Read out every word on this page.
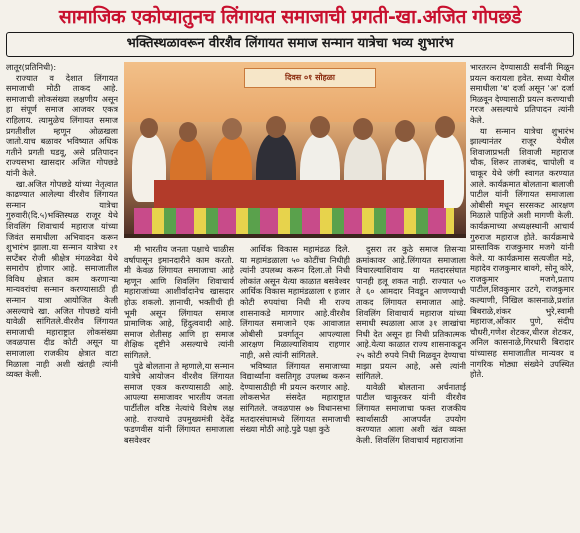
सामाजिक एकोप्यातुनच लिंगायत समाजाची प्रगती-खा.अजित गोपछडे
भक्तिस्थळावरून वीरशैव लिंगायत समाज सन्मान यात्रेचा भव्य शुभारंभ

लातूर(प्रतिनिधी):

राज्यात व देशात लिंगायत समाजाची मोठी ताकद आहे. समाजाची लोकसंख्या लक्षणीय असून हा संपूर्ण समाज आजवर एकत्र राहिलाय. त्यामुळेच लिंगायत समाज प्रगतीशील म्हणून ओळखला जातो.याच बळावर भविष्यात अधिक गतीने प्रगती घडवू, असे प्रतिपादन राज्यसभा खासदार अजित गोपछडे यांनी केले.

खा.अजित गोपछडे यांच्या नेतृत्वात काढण्यात आलेल्या वीरशैव लिंगायत सन्मान यात्रेचा गुरुवारी(दि.५)भक्तिस्थळ राजूर येथे शिवलिंग शिवाचार्य महाराज यांच्या जिवंत समाधीला अभिवादन करून शुभारंभ झाला.या सन्मान यात्रेचा २१ सप्टेंबर रोजी श्रीक्षेत्र मंगळवेढा येथे समारोप होणार आहे. समाजातील विविध क्षेत्रात काम करणाऱ्या मान्यवरांचा सन्मान करण्यासाठी ही सन्मान यात्रा आयोजित केली असल्याचे खा. अजित गोपछडे यांनी यावेळी सांगितले.वीरशैव लिंगायत समाजाची महाराष्ट्रात लोकसंख्या जवळपास दीड कोटी असून या समाजाला राजकीय क्षेत्रात वाटा मिळाला नाही अशी खंतही त्यांनी व्यक्त केली.

दिवस ०१ सोहळा

मी भारतीय जनता पक्षाचे चाळीस वर्षापासून इमानदारीने काम करतो. मी केवळ लिंगायत समाजाचा आहे म्हणून आणि शिवलिंग शिवाचार्य महाराजांच्या आशीर्वादानेच खासदार होऊ शकलो. ज्ञानाची, भक्तीची ही भूमी असून लिंगायत समाज प्रामाणिक आहे, हिंदुत्ववादी आहे. समाज शेतीसह आणि हा समाज शैक्षिक दृष्टीने असल्याचे त्यांनी सांगितले.

पुढे बोलताना ते म्हणाले,या सन्मान यात्रेचे आयोजन वीरशैव लिंगायत समाज एकत्र करण्यासाठी आहे. आपल्या समाजावर भारतीय जनता पार्टीतील वरिष्ठ नेत्यांचे विशेष लक्ष आहे. राज्याचे उपमुख्यमंत्री देवेंद्र फडणवीस यांनी लिंगायत समाजाला बसवेश्वर

आर्थिक विकास महामंडळ दिले. या महामंडळाला ५० कोटींचा निधीही त्यांनी उपलब्ध करून दिला.तो निधी लोकांत असून येत्या काळात बसवेश्वर आर्थिक विकास महामंडळाला १ हजार कोटी रुपयांचा निधी मी राज्य शासनाकडे मागणार आहे.वीरशैव लिंगायत समाजाने एक आवाजात ओबीसी प्रवर्गातून आपल्याला आरक्षण मिळाल्याशिवाय राहणार नाही, असे त्यांनी सांगितले.

भविष्यात लिंगायत समाजाच्या विद्यार्थ्यांना वसतिगृह उपलब्ध करून देण्यासाठीही मी प्रयत्न करणार आहे. लोकसभेत संसदेत महाराष्ट्रात सांगितले. जवळपास ७७ विधानसभा मतदारसंघामध्ये लिंगायत समाजाची संख्या मोठी आहे.पुढे पक्षा कुठे

दुसरा तर कुठे समाज तिसऱ्या क्रमांकावर आहे.लिंगायत समाजाला विचारल्याशिवाय या मतदारसंघात पानही हलू शकत नाही. राज्यात ५० ते ६० आमदार निवडून आणण्याची ताकद लिंगायत समाजात आहे. शिवलिंग शिवाचार्य महाराज यांच्या समाधी स्थळाला आज ३१ लाखांचा निधी देत असून हा निधी प्रतिकात्मक आहे.येत्या काळात राज्य शासनाकडून २५ कोटी रुपये निधी मिळवून देण्याचा माझा प्रयत्न आहे, असे त्यांनी सांगितले.

यावेळी बोलताना अर्चनाताई पाटील चाकूरकर यांनी वीरशैव लिंगायत समाजाचा फक्त राजकीय स्वार्थासाठी आजपर्यंत उपयोग करण्यात आला अशी खंत व्यक्त केली. शिवलिंग शिवाचार्य महाराजांना

भारतरत्न देण्यासाठी सर्वांनी मिळून प्रयत्न करायला हवेत. सध्या येथील समाधीला 'ब' दर्जा असून 'अ' दर्जा मिळवून देण्यासाठी प्रयत्न करण्याची गरज असल्याचे प्रतिपादन त्यांनी केले.

या सन्मान यात्रेचा शुभारंभ झाल्यानंतर राजूर येथील शिवाजाप्रभती शिवाजी महाराज चौक, शिरूर ताजबंद, चापोली व चाकूर येथे जंगी स्वागत करण्यात आले. कार्यक्रमात बोलताना बालाजी पाटील यांनी लिंगायत समाजाला ओबीसी मधून सरसकट आरक्षण मिळाले पाहिजे अशी मागणी केली. कार्यक्रमाच्या अध्यक्षस्थानी आचार्य गुरुराज महाराज होते. कार्यक्रमाचे प्रास्ताविक राजकुमार मजगे यांनी केले. या कार्यक्रमास सत्यजीत मडे, महादेव राजकुमार बावगे, सोनू कोरे, राजकुमार मजगे,प्रताप पाटील,शिवकुमार उटगे, राजकुमार कल्याणी, निखिल कासनाळे,प्रशांत बिबराळे,शंकर भुरे,स्वामी महाराज,ओंकार पुणे, संदीप चौधरी,गणेश शेटकर,धीरज शेटकर, अनिल कासनाळे,गिरधारी बिरादार यांच्यासह समाजातील मान्यवर व नागरिक मोठ्या संख्येने उपस्थित होते.
